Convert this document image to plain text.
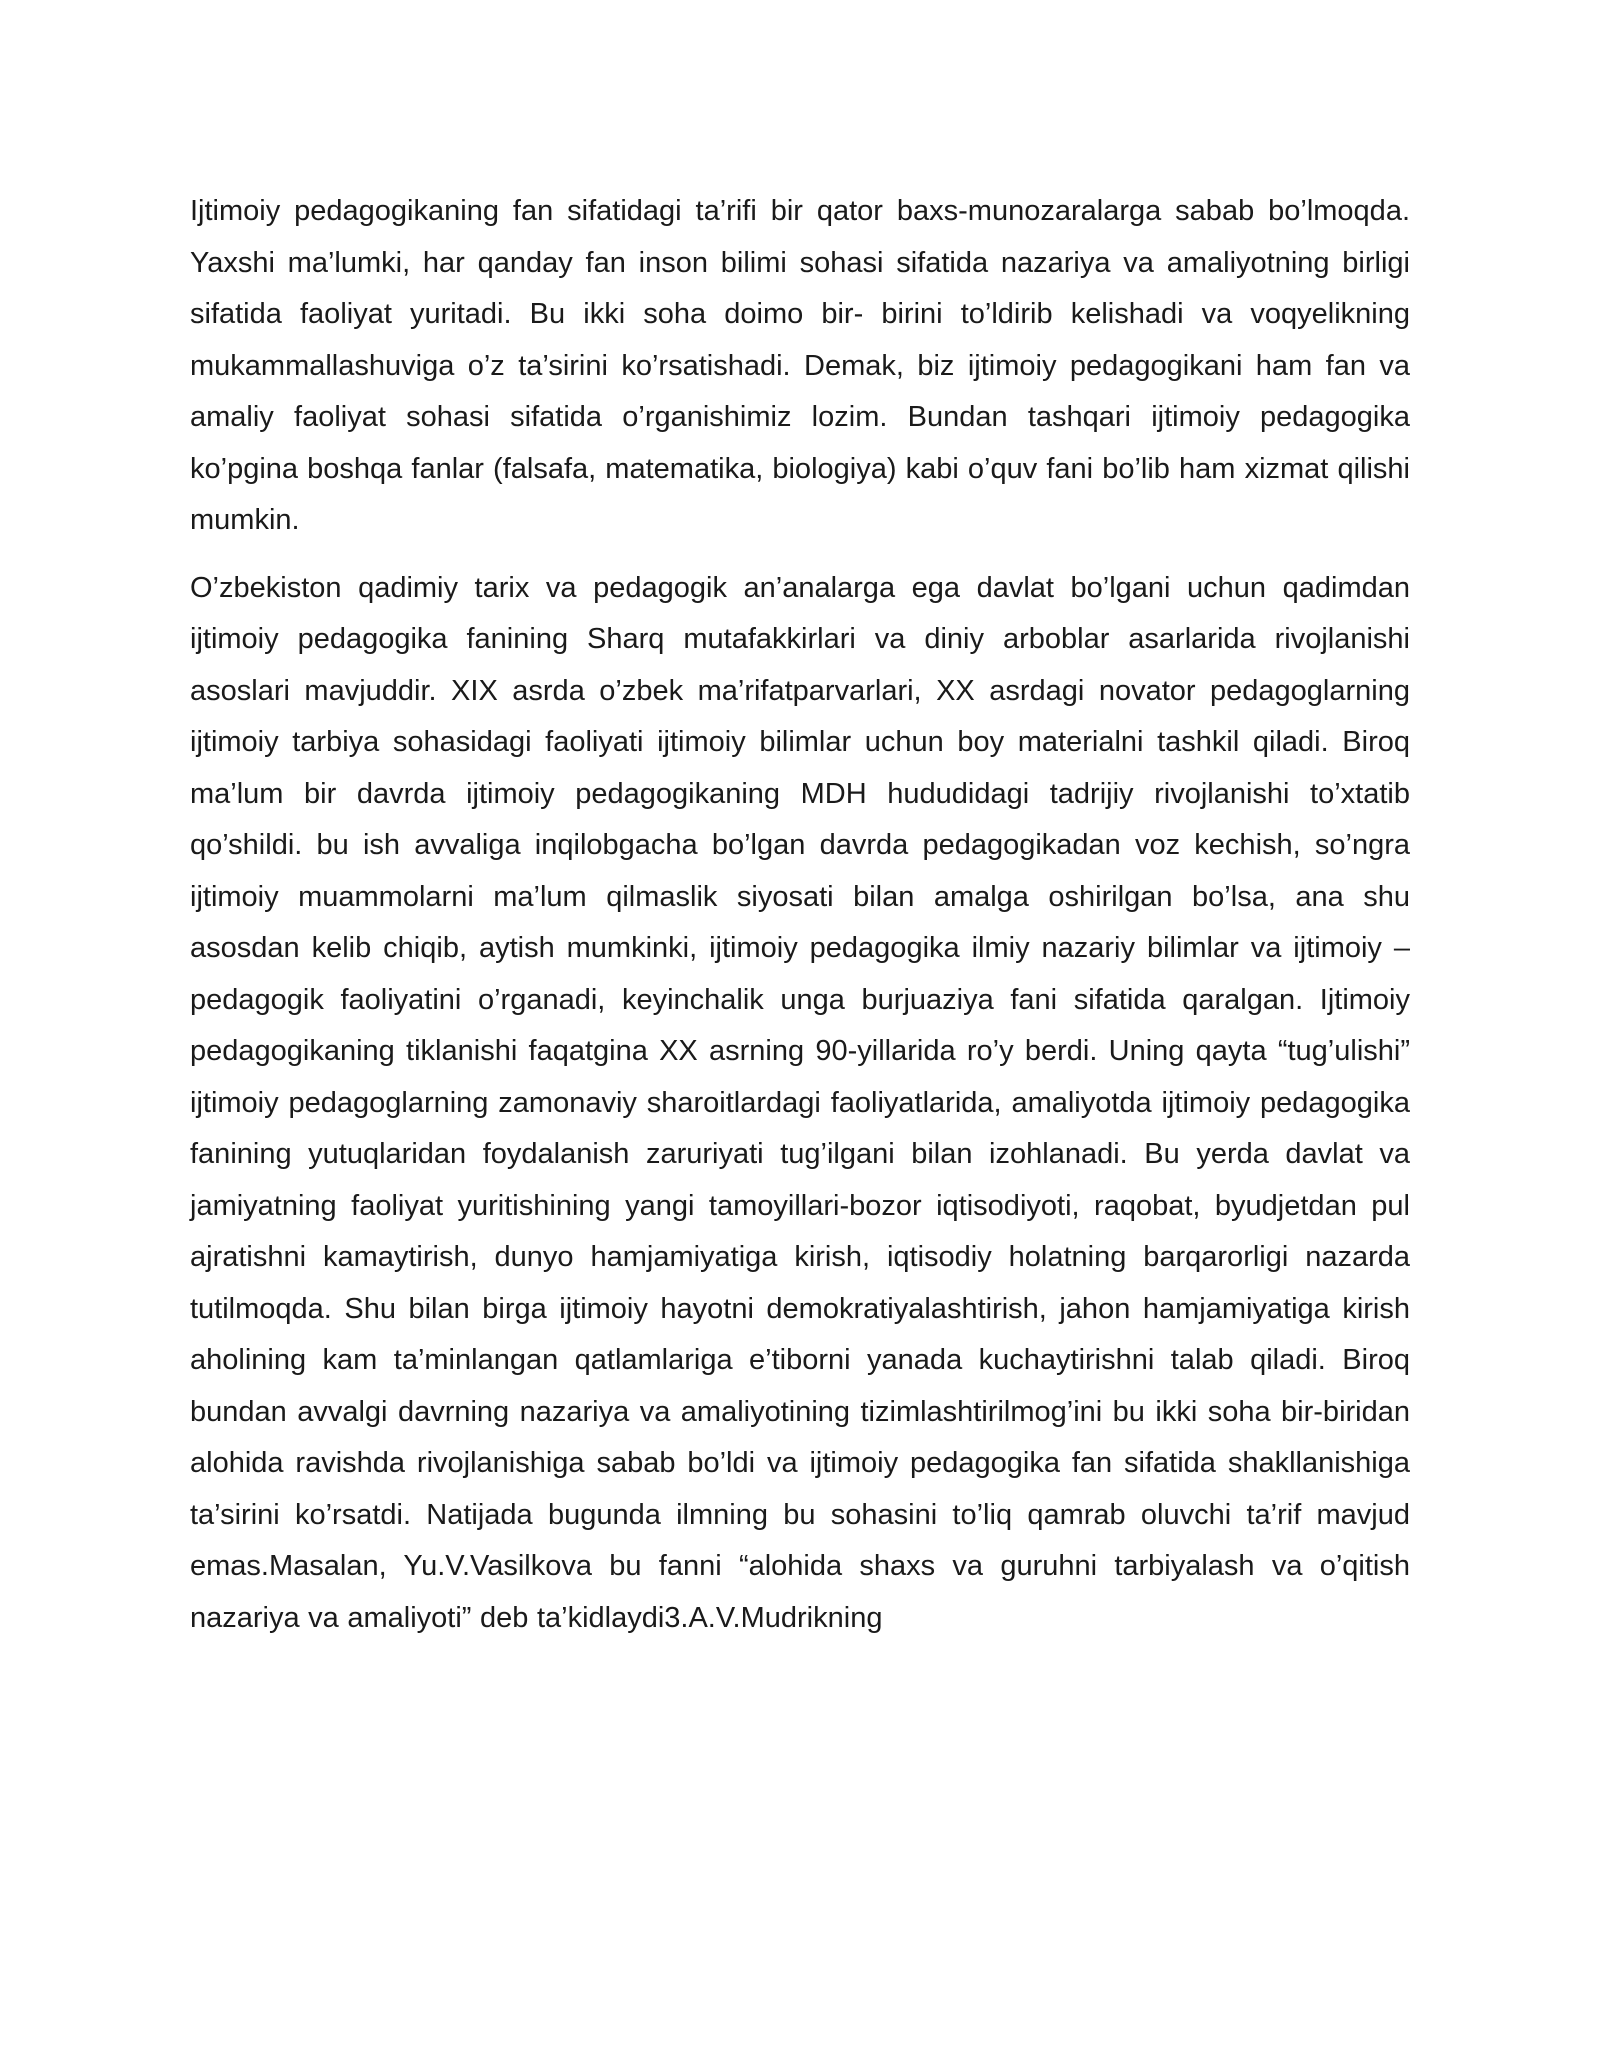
Ijtimoiy pedagogikaning fan sifatidagi ta’rifi bir qator baxs-munozaralarga sabab bo’lmoqda. Yaxshi ma’lumki, har qanday fan inson bilimi sohasi sifatida nazariya va amaliyotning birligi sifatida faoliyat yuritadi. Bu ikki soha doimo bir- birini to’ldirib kelishadi va voqyelikning mukammallashuviga o’z ta’sirini ko’rsatishadi. Demak, biz ijtimoiy pedagogikani ham fan va amaliy faoliyat sohasi sifatida o’rganishimiz lozim. Bundan tashqari ijtimoiy pedagogika ko’pgina boshqa fanlar (falsafa, matematika, biologiya) kabi o’quv fani bo’lib ham xizmat qilishi mumkin.

O’zbekiston qadimiy tarix va pedagogik an’analarga ega davlat bo’lgani uchun qadimdan ijtimoiy pedagogika fanining Sharq mutafakkirlari va diniy arboblar asarlarida rivojlanishi asoslari mavjuddir. XIX asrda o’zbek ma’rifatparvarlari, XX asrdagi novator pedagoglarning ijtimoiy tarbiya sohasidagi faoliyati ijtimoiy bilimlar uchun boy materialni tashkil qiladi. Biroq ma’lum bir davrda ijtimoiy pedagogikaning MDH hududidagi tadrijiy rivojlanishi to’xtatib qo’shildi. bu ish avvaliga inqilobgacha bo’lgan davrda pedagogikadan voz kechish, so’ngra ijtimoiy muammolarni ma’lum qilmaslik siyosati bilan amalga oshirilgan bo’lsa, ana shu asosdan kelib chiqib, aytish mumkinki, ijtimoiy pedagogika ilmiy nazariy bilimlar va ijtimoiy –pedagogik faoliyatini o’rganadi, keyinchalik unga burjuaziya fani sifatida qaralgan. Ijtimoiy pedagogikaning tiklanishi faqatgina XX asrning 90-yillarida ro’y berdi. Uning qayta “tug’ulishi” ijtimoiy pedagoglarning zamonaviy sharoitlardagi faoliyatlarida, amaliyotda ijtimoiy pedagogika fanining yutuqlaridan foydalanish zaruriyati tug’ilgani bilan izohlanadi. Bu yerda davlat va jamiyatning faoliyat yuritishining yangi tamoyillari-bozor iqtisodiyoti, raqobat, byudjetdan pul ajratishni kamaytirish, dunyo hamjamiyatiga kirish, iqtisodiy holatning barqarorligi nazarda tutilmoqda. Shu bilan birga ijtimoiy hayotni demokratiyalashtirish, jahon hamjamiyatiga kirish aholining kam ta’minlangan qatlamlariga e’tiborni yanada kuchaytirishni talab qiladi. Biroq bundan avvalgi davrning nazariya va amaliyotining tizimlashtirilmog’ini bu ikki soha bir-biridan alohida ravishda rivojlanishiga sabab bo’ldi va ijtimoiy pedagogika fan sifatida shakllanishiga ta’sirini ko’rsatdi. Natijada bugunda ilmning bu sohasini to’liq qamrab oluvchi ta’rif mavjud emas.Masalan, Yu.V.Vasilkova bu fanni “alohida shaxs va guruhni tarbiyalash va o’qitish nazariya va amaliyoti” deb ta’kidlaydi3.A.V.Mudrikning
